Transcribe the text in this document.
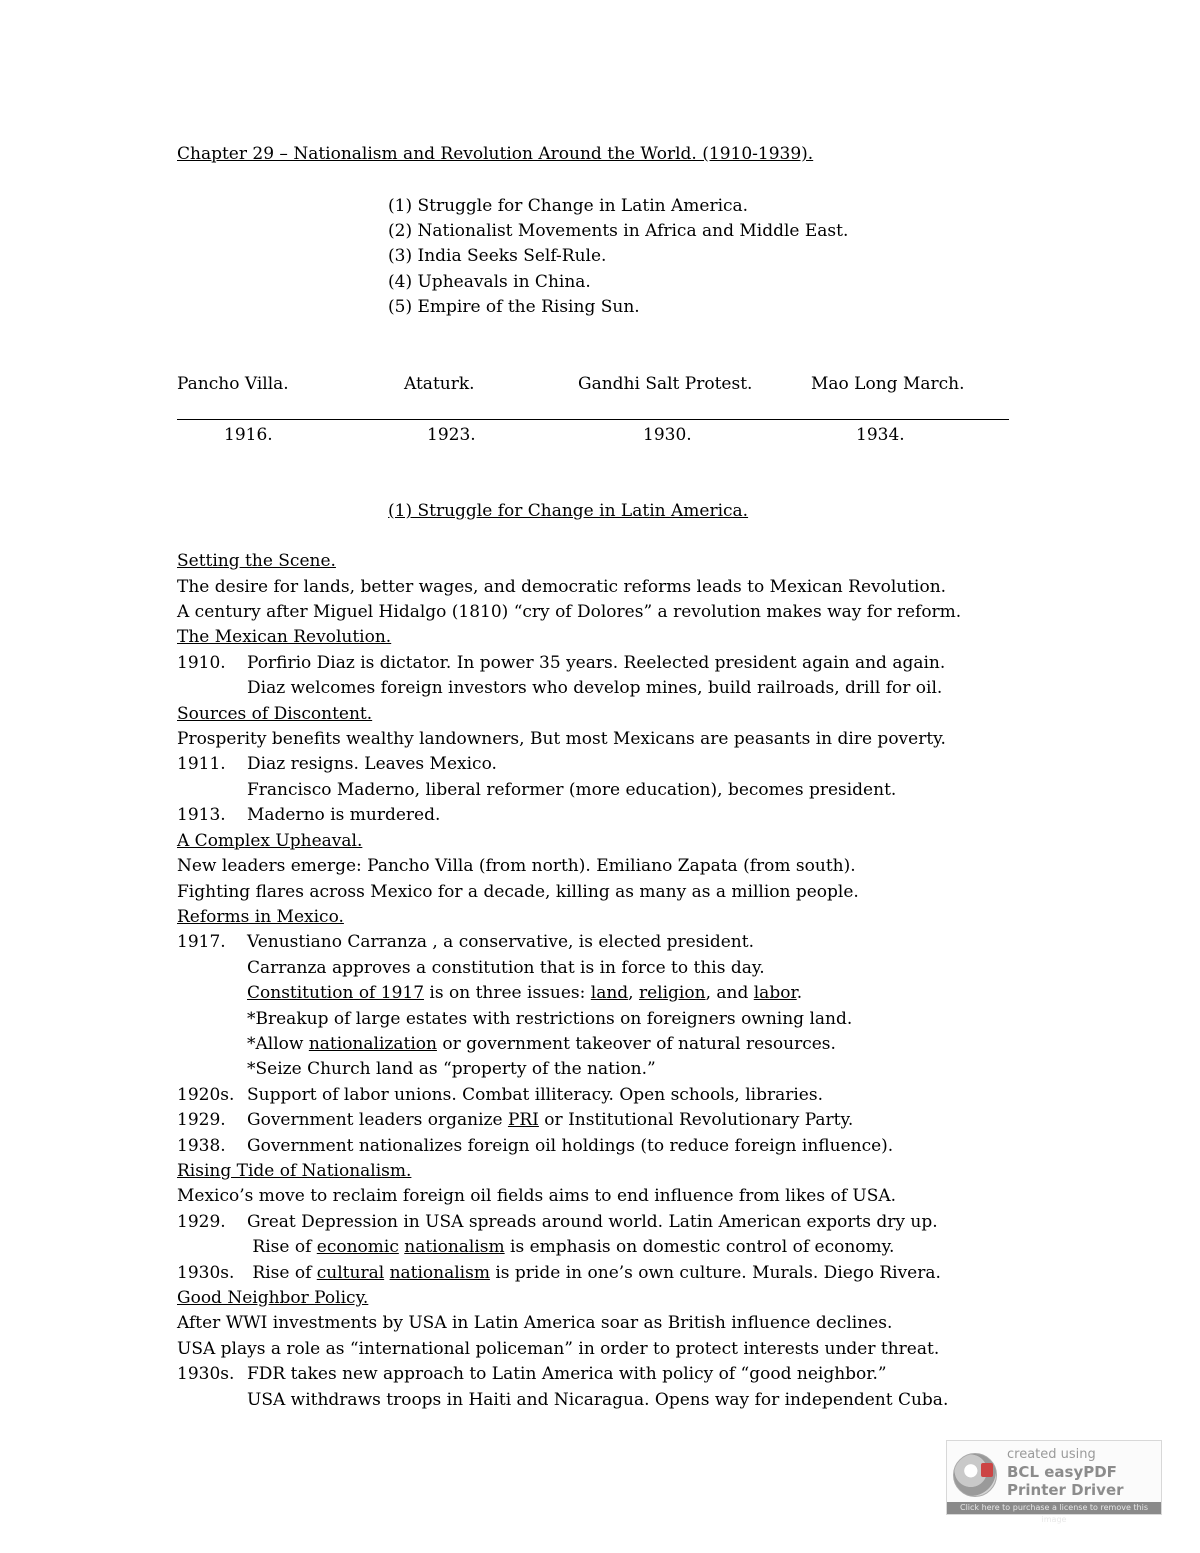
Chapter 29 – Nationalism and Revolution Around the World. (1910-1939).
(1) Struggle for Change in Latin America.
(2) Nationalist Movements in Africa and Middle East.
(3) India Seeks Self-Rule.
(4) Upheavals in China.
(5) Empire of the Rising Sun.
Pancho Villa.	Ataturk.	Gandhi Salt Protest.	Mao Long March.
1916.	1923.	1930.	1934.
(1) Struggle for Change in Latin America.
Setting the Scene.
The desire for lands, better wages, and democratic reforms leads to Mexican Revolution.
A century after Miguel Hidalgo (1810) “cry of Dolores” a revolution makes way for reform.
The Mexican Revolution.
1910. Porfirio Diaz is dictator. In power 35 years. Reelected president again and again.
Diaz welcomes foreign investors who develop mines, build railroads, drill for oil.
Sources of Discontent.
Prosperity benefits wealthy landowners, But most Mexicans are peasants in dire poverty.
1911. Diaz resigns. Leaves Mexico.
Francisco Maderno, liberal reformer (more education), becomes president.
1913. Maderno is murdered.
A Complex Upheaval.
New leaders emerge: Pancho Villa (from north). Emiliano Zapata (from south).
Fighting flares across Mexico for a decade, killing as many as a million people.
Reforms in Mexico.
1917. Venustiano Carranza , a conservative, is elected president.
Carranza approves a constitution that is in force to this day.
Constitution of 1917 is on three issues: land, religion, and labor.
*Breakup of large estates with restrictions on foreigners owning land.
*Allow nationalization or government takeover of natural resources.
*Seize Church land as “property of the nation.”
1920s. Support of labor unions. Combat illiteracy. Open schools, libraries.
1929. Government leaders organize PRI or Institutional Revolutionary Party.
1938. Government nationalizes foreign oil holdings (to reduce foreign influence).
Rising Tide of Nationalism.
Mexico’s move to reclaim foreign oil fields aims to end influence from likes of USA.
1929. Great Depression in USA spreads around world. Latin American exports dry up.
Rise of economic nationalism is emphasis on domestic control of economy.
1930s. Rise of cultural nationalism is pride in one’s own culture. Murals. Diego Rivera.
Good Neighbor Policy.
After WWI investments by USA in Latin America soar as British influence declines.
USA plays a role as “international policeman” in order to protect interests under threat.
1930s. FDR takes new approach to Latin America with policy of “good neighbor.”
USA withdraws troops in Haiti and Nicaragua. Opens way for independent Cuba.
created using
BCL easyPDF
Printer Driver
Click here to purchase a license to remove this image
